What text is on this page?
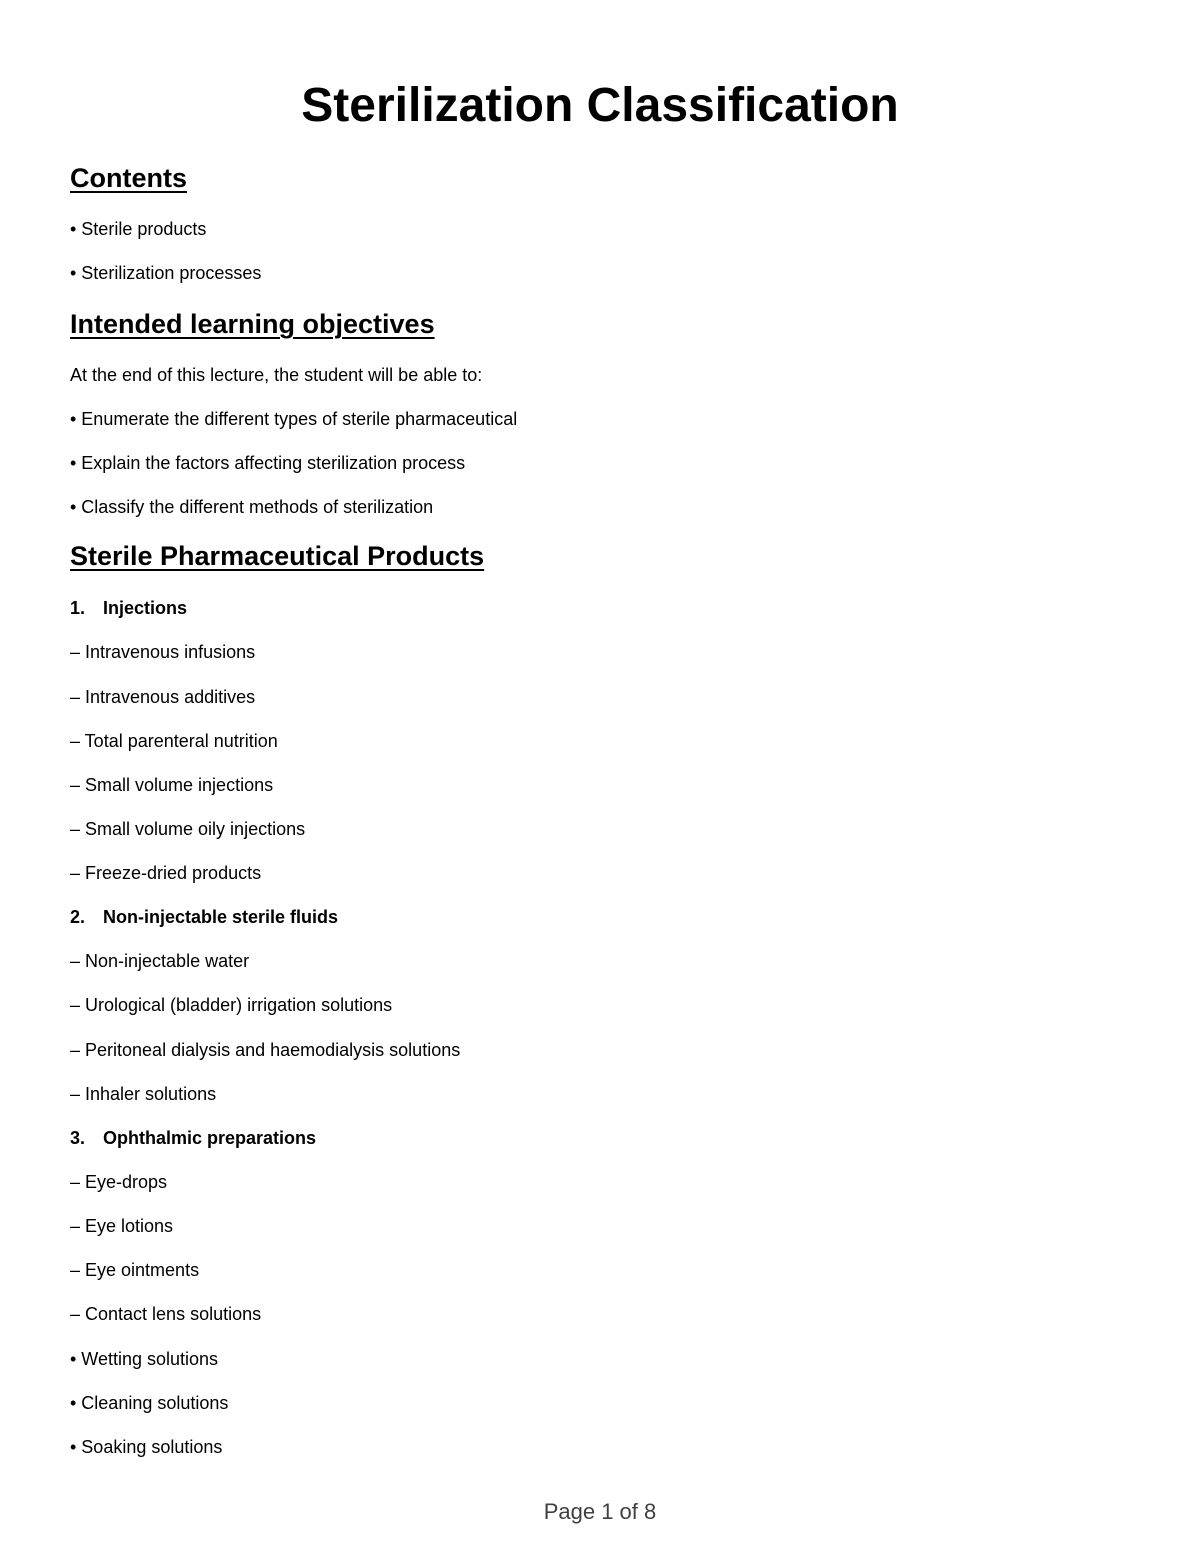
Sterilization Classification
Contents
• Sterile products
• Sterilization processes
Intended learning objectives
At the end of this lecture, the student will be able to:
• Enumerate the different types of sterile pharmaceutical
• Explain the factors affecting sterilization process
• Classify the different methods of sterilization
Sterile Pharmaceutical Products
1. Injections
– Intravenous infusions
– Intravenous additives
– Total parenteral nutrition
– Small volume injections
– Small volume oily injections
– Freeze-dried products
2. Non-injectable sterile fluids
– Non-injectable water
– Urological (bladder) irrigation solutions
– Peritoneal dialysis and haemodialysis solutions
– Inhaler solutions
3. Ophthalmic preparations
– Eye-drops
– Eye lotions
– Eye ointments
– Contact lens solutions
• Wetting solutions
• Cleaning solutions
• Soaking solutions
Page 1 of 8
